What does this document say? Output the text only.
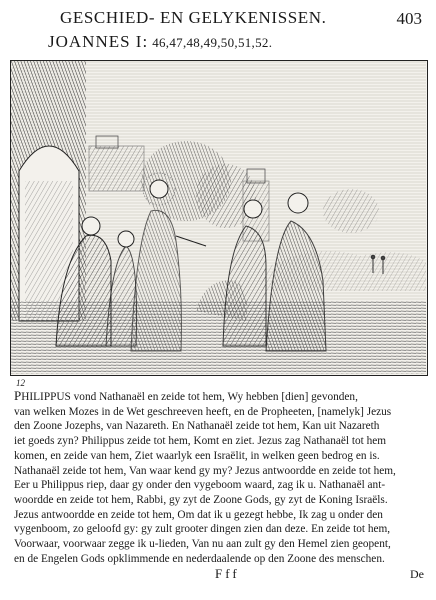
GESCHIED- EN GELYKENISSEN.	403
JOANNES I: 46,47,48,49,50,51,52.
12
PHILIPPUS vond Nathanaël en zeide tot hem, Wy hebben [dien] gevonden,
van welken Mozes in de Wet geschreeven heeft, en de Propheeten, [namelyk] Jezus
den Zoone Jozephs, van Nazareth. En Nathanaël zeide tot hem, Kan uit Nazareth
iet goeds zyn? Philippus zeide tot hem, Komt en ziet. Jezus zag Nathanaël tot hem
komen, en zeide van hem, Ziet waarlyk een Israëlit, in welken geen bedrog en is.
Nathanaël zeide tot hem, Van waar kend gy my? Jezus antwoordde en zeide tot hem,
Eer u Philippus riep, daar gy onder den vygeboom waard, zag ik u. Nathanaël ant-
woordde en zeide tot hem, Rabbi, gy zyt de Zoone Gods, gy zyt de Koning Israëls.
Jezus antwoordde en zeide tot hem, Om dat ik u gezegt hebbe, Ik zag u onder den
vygenboom, zo geloofd gy: gy zult grooter dingen zien dan deze. En zeide tot hem,
Voorwaar, voorwaar zegge ik u-lieden, Van nu aan zult gy den Hemel zien geopent,
en de Engelen Gods opklimmende en nederdaalende op den Zoone des menschen.
Fff	De
